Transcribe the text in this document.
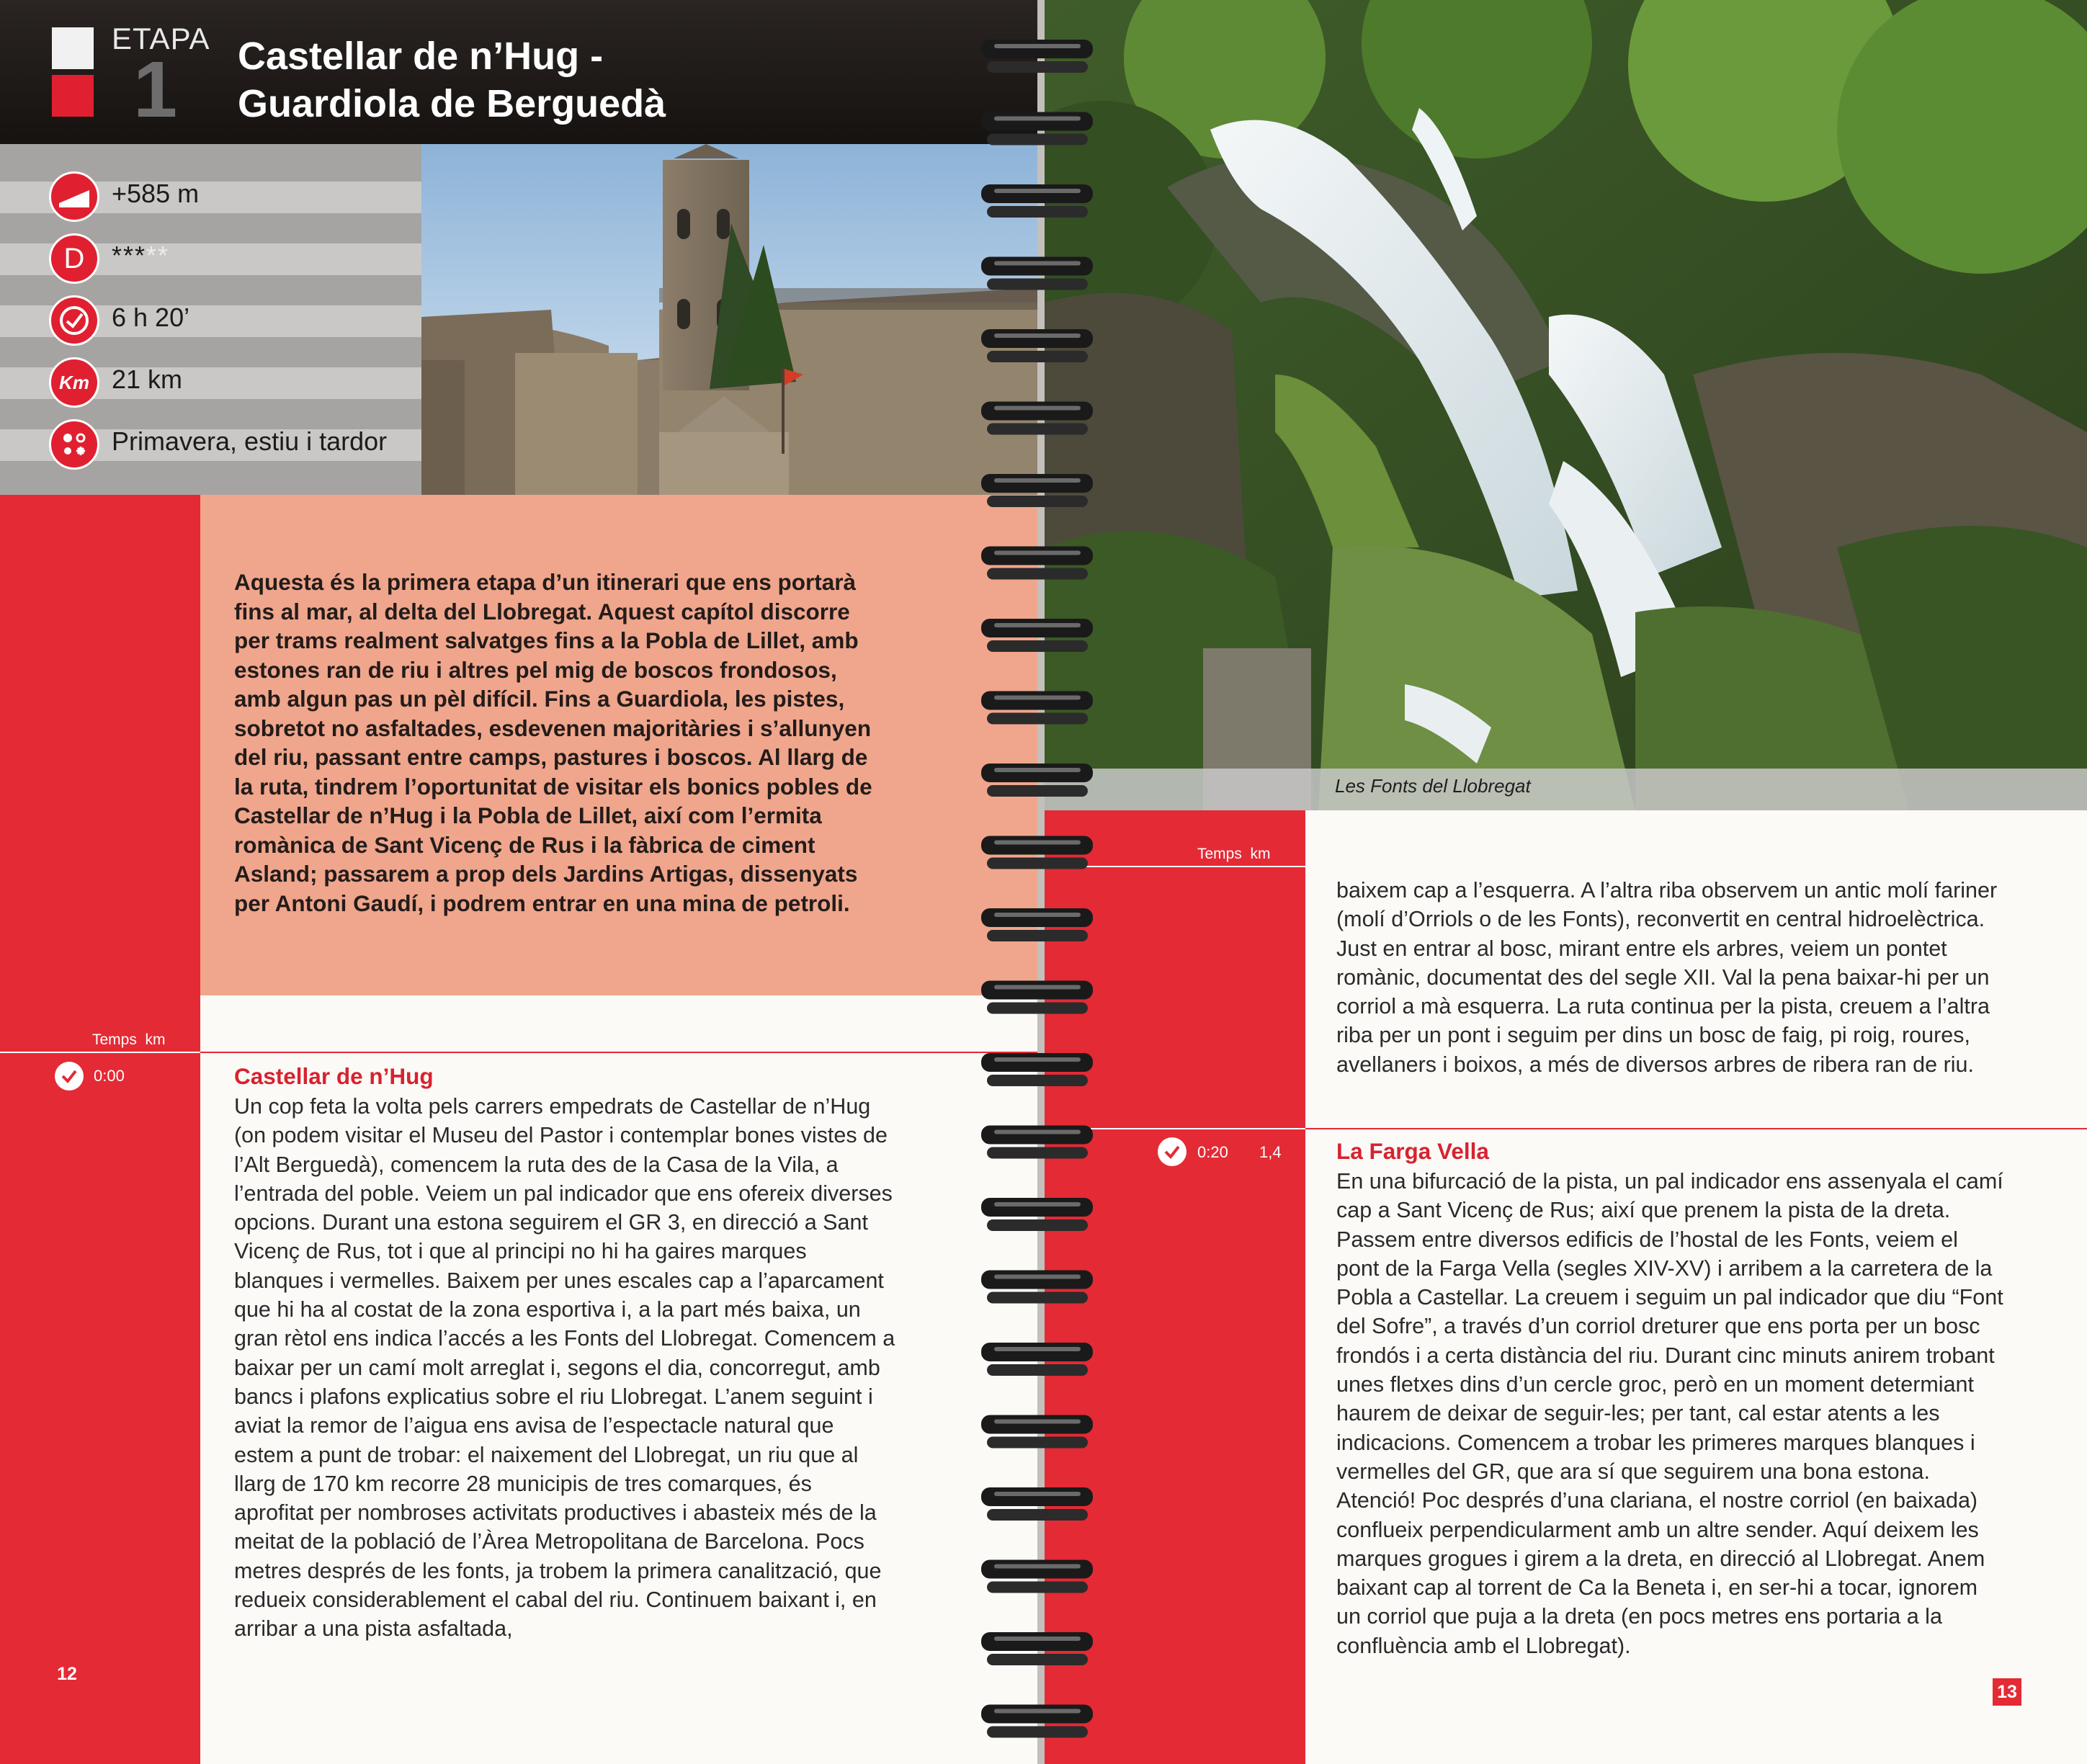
ETAPA
1 Castellar de n’Hug -
Guardiola de Berguedà
+585 m
D *****
6 h 20’
Km 21 km
Primavera, estiu i tardor
Aquesta és la primera etapa d’un itinerari que ens portarà fins al mar, al delta del Llobregat. Aquest capítol discorre per trams realment salvatges fins a la Pobla de Lillet, amb estones ran de riu i altres pel mig de boscos frondosos, amb algun pas un pèl difícil. Fins a Guardiola, les pistes, sobretot no asfaltades, esdevenen majoritàries i s’allunyen del riu, passant entre camps, pastures i boscos. Al llarg de la ruta, tindrem l’oportunitat de visitar els bonics pobles de Castellar de n’Hug i la Pobla de Lillet, així com l’ermita romànica de Sant Vicenç de Rus i la fàbrica de ciment Asland; passarem a prop dels Jardins Artigas, dissenyats per Antoni Gaudí, i podrem entrar en una mina de petroli.
Temps km
0:00	Castellar de n’Hug
Un cop feta la volta pels carrers empedrats de Castellar de n’Hug (on podem visitar el Museu del Pastor i contemplar bones vistes de l’Alt Berguedà), comencem la ruta des de la Casa de la Vila, a l’entrada del poble. Veiem un pal indicador que ens ofereix diverses opcions. Durant una estona seguirem el GR 3, en direcció a Sant Vicenç de Rus, tot i que al principi no hi ha gaires marques blanques i vermelles. Baixem per unes escales cap a l’aparcament que hi ha al costat de la zona esportiva i, a la part més baixa, un gran rètol ens indica l’accés a les Fonts del Llobregat. Comencem a baixar per un camí molt arreglat i, segons el dia, concorregut, amb bancs i plafons explicatius sobre el riu Llobregat. L’anem seguint i aviat la remor de l’aigua ens avisa de l’espectacle natural que estem a punt de trobar: el naixement del Llobregat, un riu que al llarg de 170 km recorre 28 municipis de tres comarques, és aprofitat per nombroses activitats productives i abasteix més de la meitat de la població de l’Àrea Metropolitana de Barcelona. Pocs metres després de les fonts, ja trobem la primera canalització, que redueix considerablement el cabal del riu. Continuem baixant i, en arribar a una pista asfaltada,
12
Les Fonts del Llobregat
Temps km
baixem cap a l’esquerra. A l’altra riba observem un antic molí fariner (molí d’Orriols o de les Fonts), reconvertit en central hidroelèctrica. Just en entrar al bosc, mirant entre els arbres, veiem un pontet romànic, documentat des del segle XII. Val la pena baixar-hi per un corriol a mà esquerra. La ruta continua per la pista, creuem a l’altra riba per un pont i seguim per dins un bosc de faig, pi roig, roures, avellaners i boixos, a més de diversos arbres de ribera ran de riu.
0:20 1,4 La Farga Vella
En una bifurcació de la pista, un pal indicador ens assenyala el camí cap a Sant Vicenç de Rus; així que prenem la pista de la dreta. Passem entre diversos edificis de l’hostal de les Fonts, veiem el pont de la Farga Vella (segles XIV-XV) i arribem a la carretera de la Pobla a Castellar. La creuem i seguim un pal indicador que diu “Font del Sofre”, a través d’un corriol dreturer que ens porta per un bosc frondós i a certa distància del riu. Durant cinc minuts anirem trobant unes fletxes dins d’un cercle groc, però en un moment determiant haurem de deixar de seguir-les; per tant, cal estar atents a les indicacions. Comencem a trobar les primeres marques blanques i vermelles del GR, que ara sí que seguirem una bona estona. Atenció! Poc després d’una clariana, el nostre corriol (en baixada) conflueix perpendicularment amb un altre sender. Aquí deixem les marques grogues i girem a la dreta, en direcció al Llobregat. Anem baixant cap al torrent de Ca la Beneta i, en ser-hi a tocar, ignorem un corriol que puja a la dreta (en pocs metres ens portaria a la confluència amb el Llobregat).
13
